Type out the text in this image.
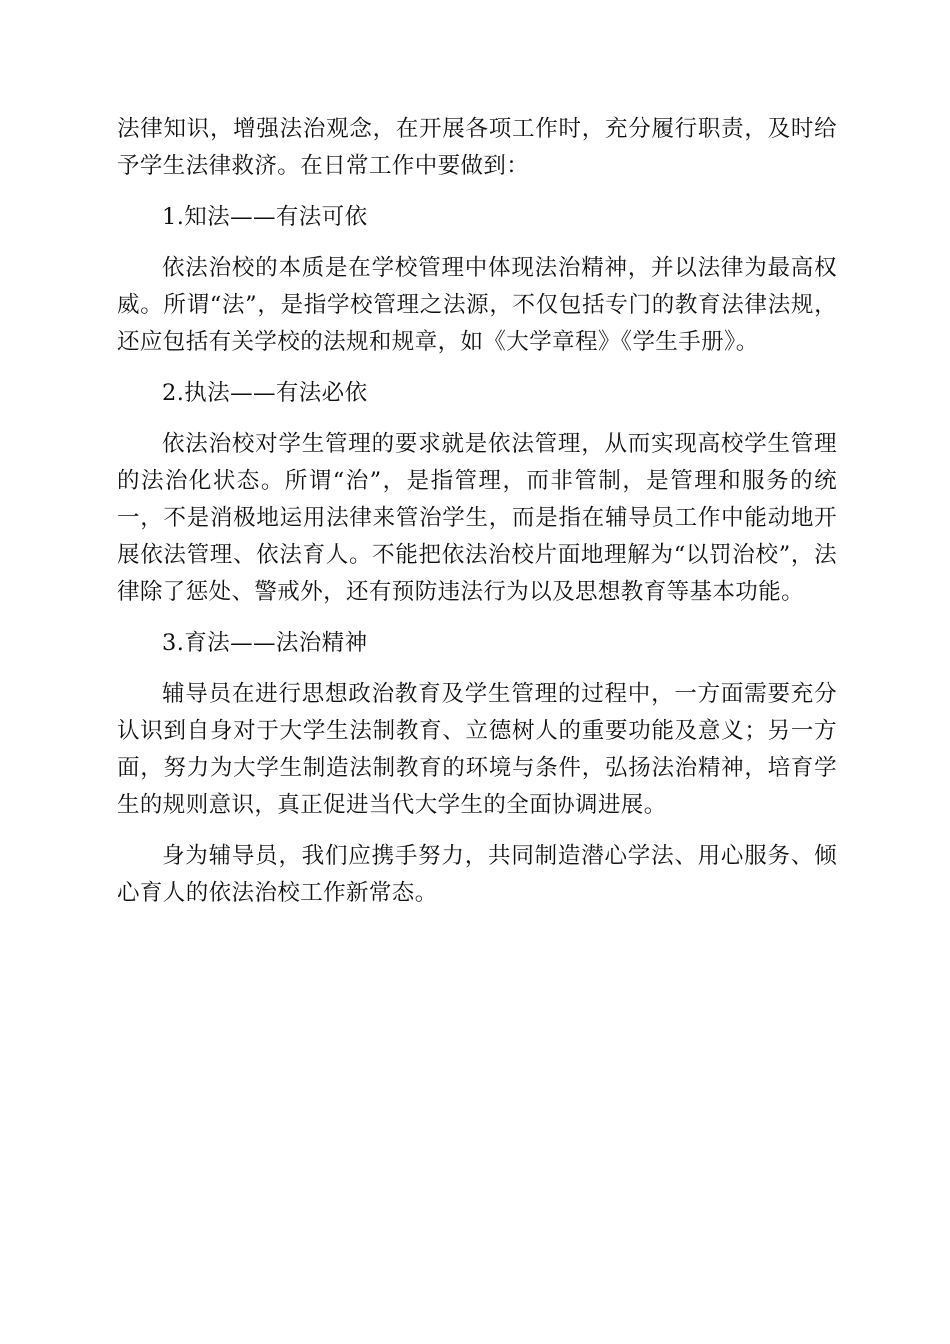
法律知识，增强法治观念，在开展各项工作时，充分履行职责，及时给予学生法律救济。在日常工作中要做到：

1.知法——有法可依

依法治校的本质是在学校管理中体现法治精神，并以法律为最高权威。所谓“法”，是指学校管理之法源，不仅包括专门的教育法律法规，还应包括有关学校的法规和规章，如《大学章程》《学生手册》。

2.执法——有法必依

依法治校对学生管理的要求就是依法管理，从而实现高校学生管理的法治化状态。所谓“治”，是指管理，而非管制，是管理和服务的统一，不是消极地运用法律来管治学生，而是指在辅导员工作中能动地开展依法管理、依法育人。不能把依法治校片面地理解为“以罚治校”，法律除了惩处、警戒外，还有预防违法行为以及思想教育等基本功能。

3.育法——法治精神

辅导员在进行思想政治教育及学生管理的过程中，一方面需要充分认识到自身对于大学生法制教育、立德树人的重要功能及意义；另一方面，努力为大学生制造法制教育的环境与条件，弘扬法治精神，培育学生的规则意识，真正促进当代大学生的全面协调进展。

身为辅导员，我们应携手努力，共同制造潜心学法、用心服务、倾心育人的依法治校工作新常态。
